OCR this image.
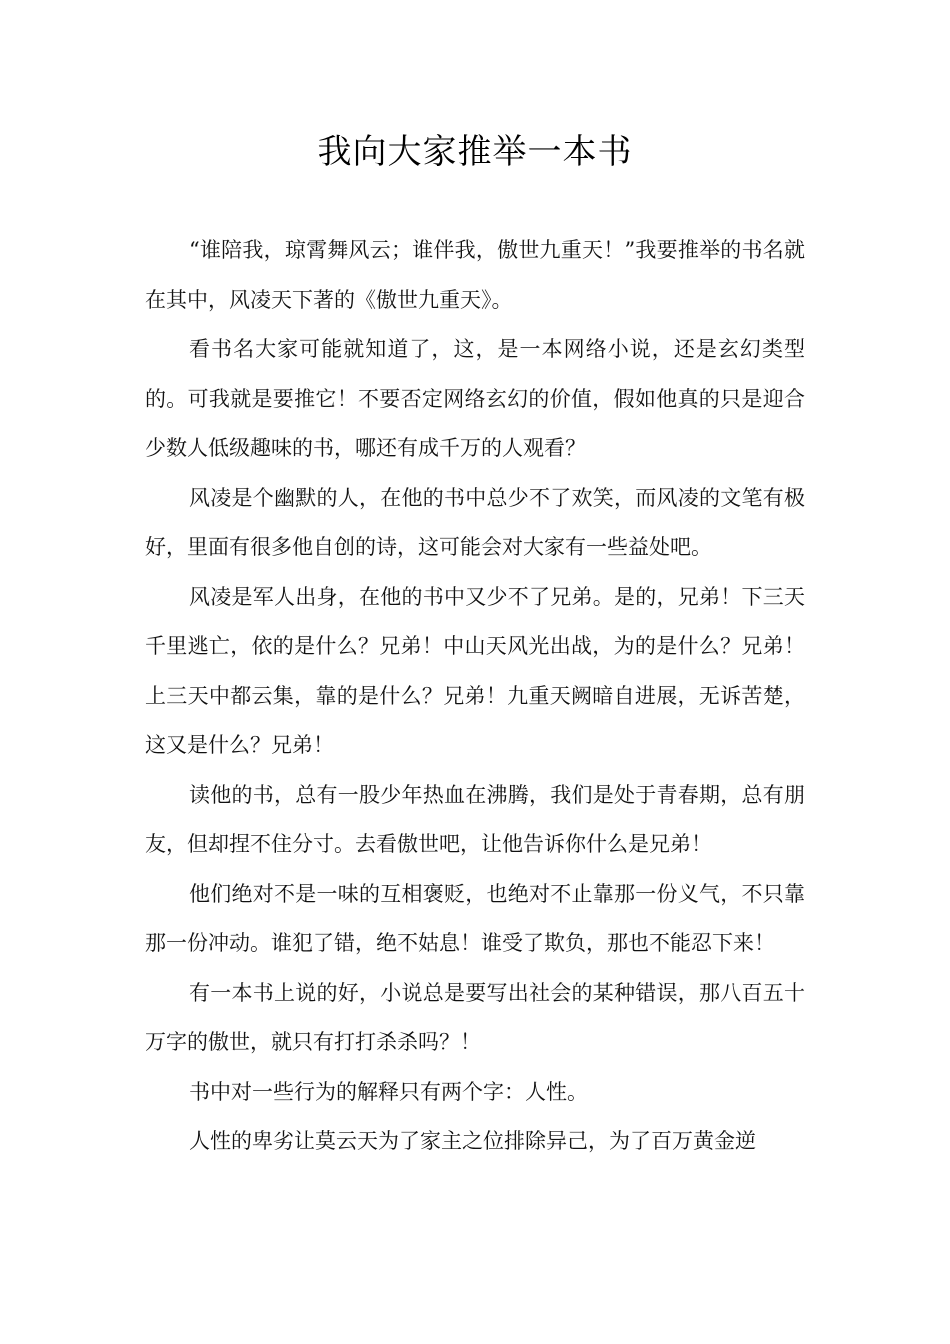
我向大家推举一本书

“谁陪我，琼霄舞风云；谁伴我，傲世九重天！”我要推举的书名就在其中，风凌天下著的《傲世九重天》。

看书名大家可能就知道了，这，是一本网络小说，还是玄幻类型的。可我就是要推它！不要否定网络玄幻的价值，假如他真的只是迎合少数人低级趣味的书，哪还有成千万的人观看？

风凌是个幽默的人，在他的书中总少不了欢笑，而风凌的文笔有极好，里面有很多他自创的诗，这可能会对大家有一些益处吧。

风凌是军人出身，在他的书中又少不了兄弟。是的，兄弟！下三天千里逃亡，依的是什么？兄弟！中山天风光出战，为的是什么？兄弟！上三天中都云集，靠的是什么？兄弟！九重天阙暗自进展，无诉苦楚，这又是什么？兄弟！

读他的书，总有一股少年热血在沸腾，我们是处于青春期，总有朋友，但却捏不住分寸。去看傲世吧，让他告诉你什么是兄弟！

他们绝对不是一味的互相褒贬，也绝对不止靠那一份义气，不只靠那一份冲动。谁犯了错，绝不姑息！谁受了欺负，那也不能忍下来！

有一本书上说的好，小说总是要写出社会的某种错误，那八百五十万字的傲世，就只有打打杀杀吗？！

书中对一些行为的解释只有两个字：人性。

人性的卑劣让莫云天为了家主之位排除异己，为了百万黄金逆
